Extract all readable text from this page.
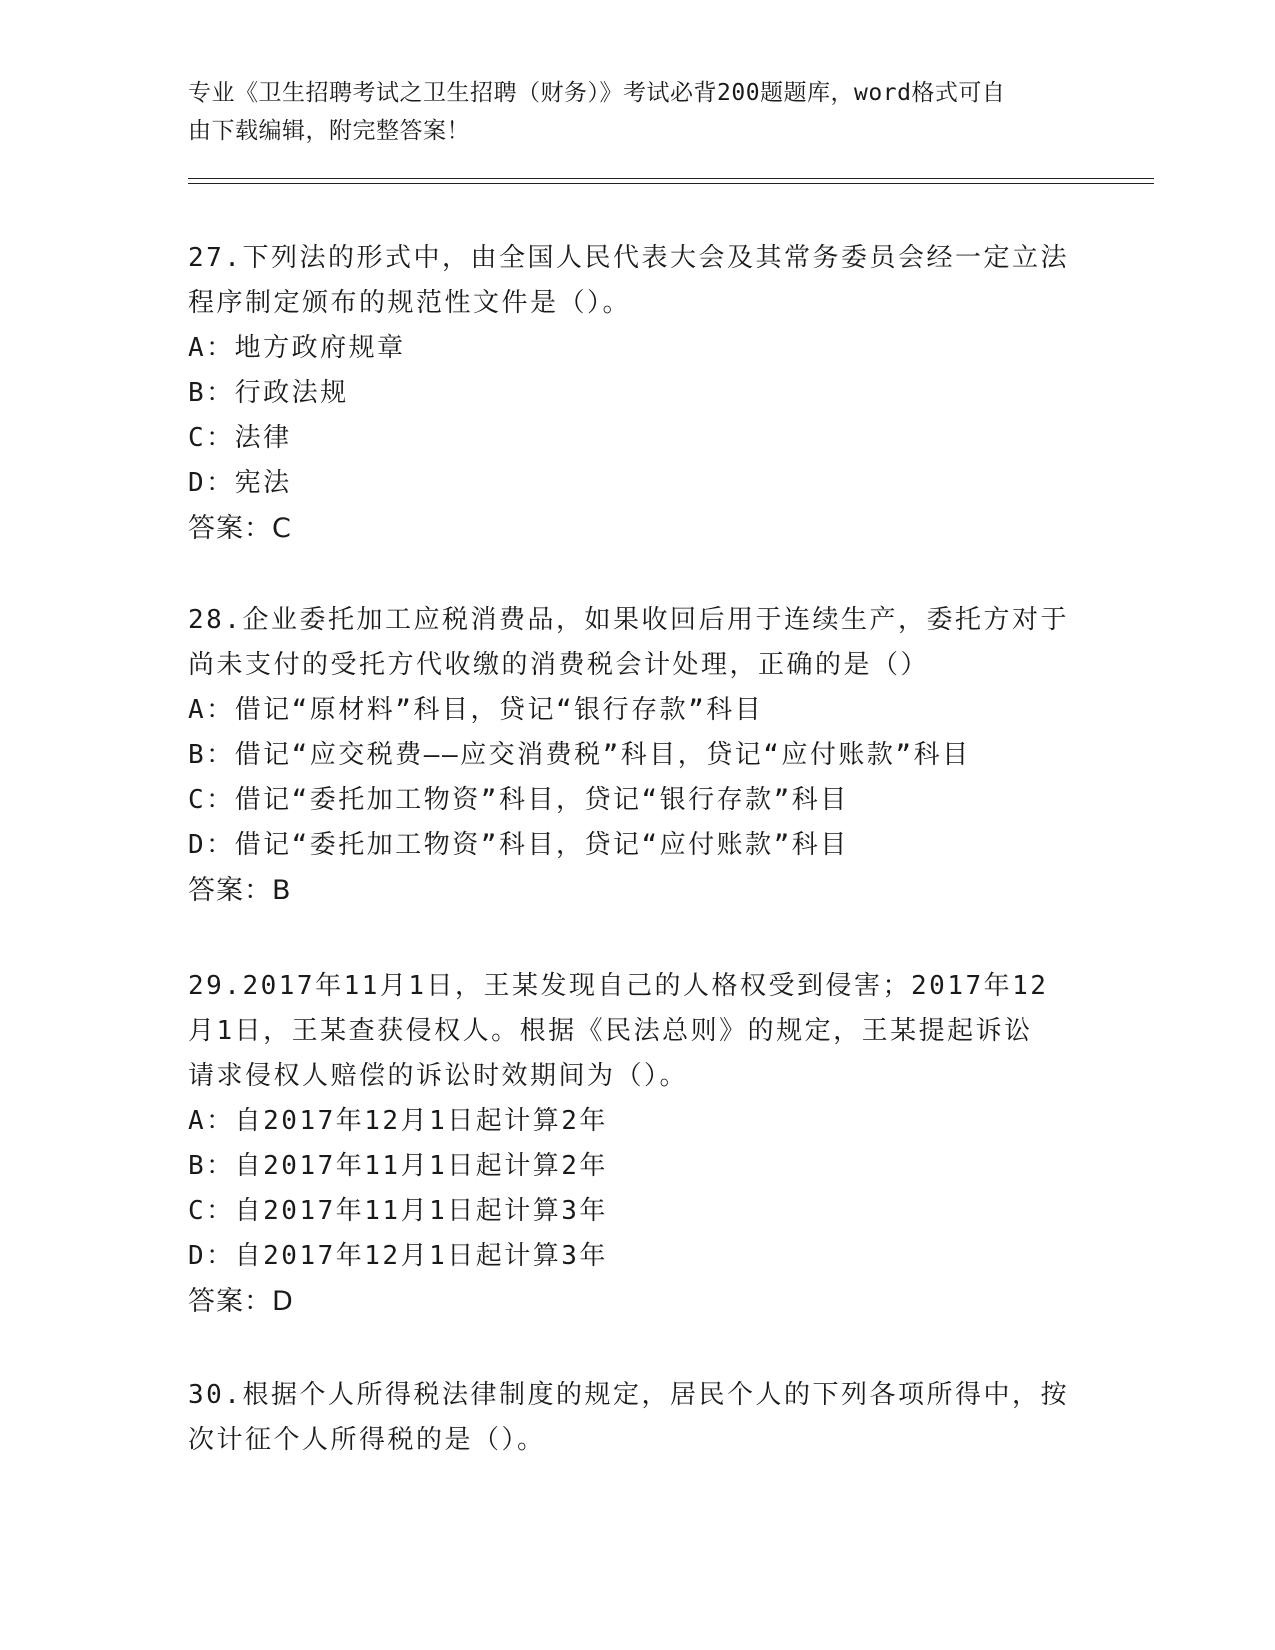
专业《卫生招聘考试之卫生招聘（财务）》考试必背200题题库，word格式可自
由下载编辑，附完整答案！
27.下列法的形式中，由全国人民代表大会及其常务委员会经一定立法
程序制定颁布的规范性文件是（）。
A：地方政府规章
B：行政法规
C：法律
D：宪法
答案：C
28.企业委托加工应税消费品，如果收回后用于连续生产，委托方对于
尚未支付的受托方代收缴的消费税会计处理，正确的是（）
A：借记“原材料”科目，贷记“银行存款”科目
B：借记“应交税费——应交消费税”科目，贷记“应付账款”科目
C：借记“委托加工物资”科目，贷记“银行存款”科目
D：借记“委托加工物资”科目，贷记“应付账款”科目
答案：B
29.2017年11月1日，王某发现自己的人格权受到侵害；2017年12
月1日，王某查获侵权人。根据《民法总则》的规定，王某提起诉讼
请求侵权人赔偿的诉讼时效期间为（）。
A：自2017年12月1日起计算2年
B：自2017年11月1日起计算2年
C：自2017年11月1日起计算3年
D：自2017年12月1日起计算3年
答案：D
30.根据个人所得税法律制度的规定，居民个人的下列各项所得中，按
次计征个人所得税的是（）。
